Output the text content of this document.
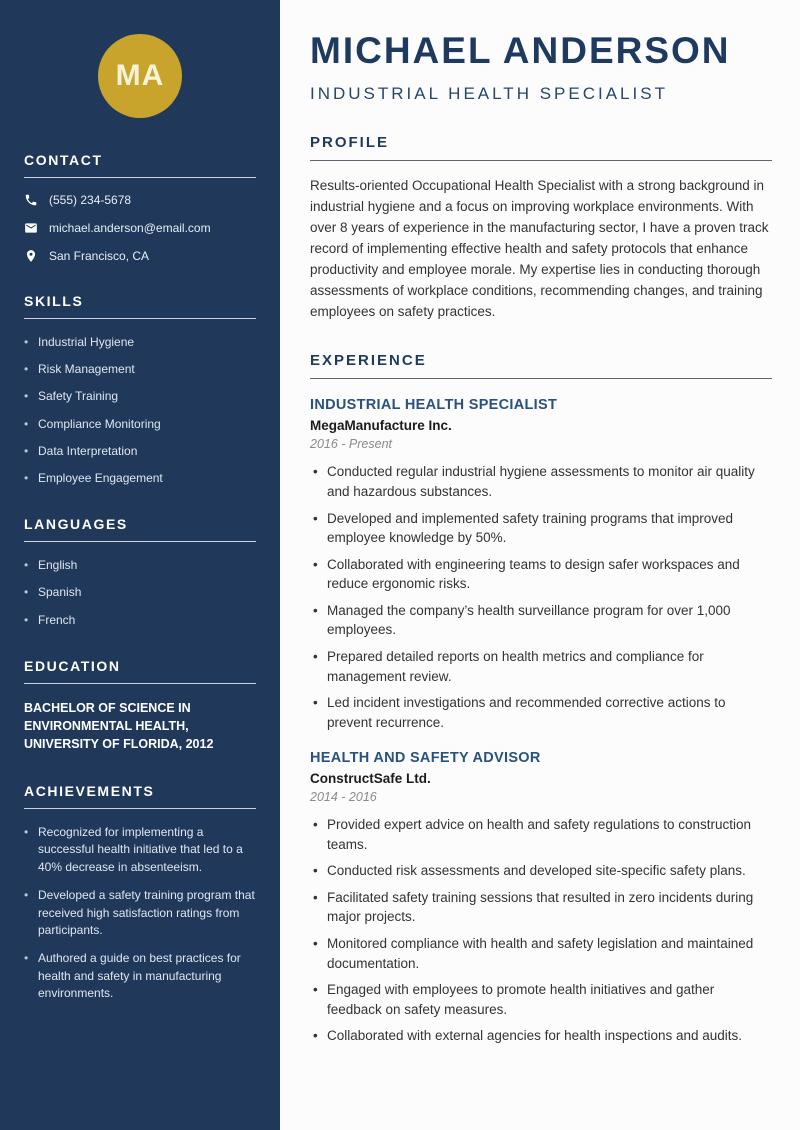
MA
CONTACT
(555) 234-5678
michael.anderson@email.com
San Francisco, CA
SKILLS
• Industrial Hygiene
• Risk Management
• Safety Training
• Compliance Monitoring
• Data Interpretation
• Employee Engagement
LANGUAGES
• English
• Spanish
• French
EDUCATION

BACHELOR OF SCIENCE IN ENVIRONMENTAL HEALTH, UNIVERSITY OF FLORIDA, 2012

ACHIEVEMENTS
• Recognized for implementing a successful health initiative that led to a 40% decrease in absenteeism.
• Developed a safety training program that received high satisfaction ratings from participants.
• Authored a guide on best practices for health and safety in manufacturing environments.
MICHAEL ANDERSON
INDUSTRIAL HEALTH SPECIALIST
PROFILE

Results-oriented Occupational Health Specialist with a strong background in industrial hygiene and a focus on improving workplace environments. With over 8 years of experience in the manufacturing sector, I have a proven track record of implementing effective health and safety protocols that enhance productivity and employee morale. My expertise lies in conducting thorough assessments of workplace conditions, recommending changes, and training employees on safety practices.

EXPERIENCE
INDUSTRIAL HEALTH SPECIALIST

MegaManufacture Inc.

2016 - Present

• Conducted regular industrial hygiene assessments to monitor air quality and hazardous substances.
• Developed and implemented safety training programs that improved employee knowledge by 50%.
• Collaborated with engineering teams to design safer workspaces and reduce ergonomic risks.
• Managed the company’s health surveillance program for over 1,000 employees.
• Prepared detailed reports on health metrics and compliance for management review.
• Led incident investigations and recommended corrective actions to prevent recurrence.
HEALTH AND SAFETY ADVISOR

ConstructSafe Ltd.

2014 - 2016

• Provided expert advice on health and safety regulations to construction teams.
• Conducted risk assessments and developed site-specific safety plans.
• Facilitated safety training sessions that resulted in zero incidents during major projects.
• Monitored compliance with health and safety legislation and maintained documentation.
• Engaged with employees to promote health initiatives and gather feedback on safety measures.
• Collaborated with external agencies for health inspections and audits.
